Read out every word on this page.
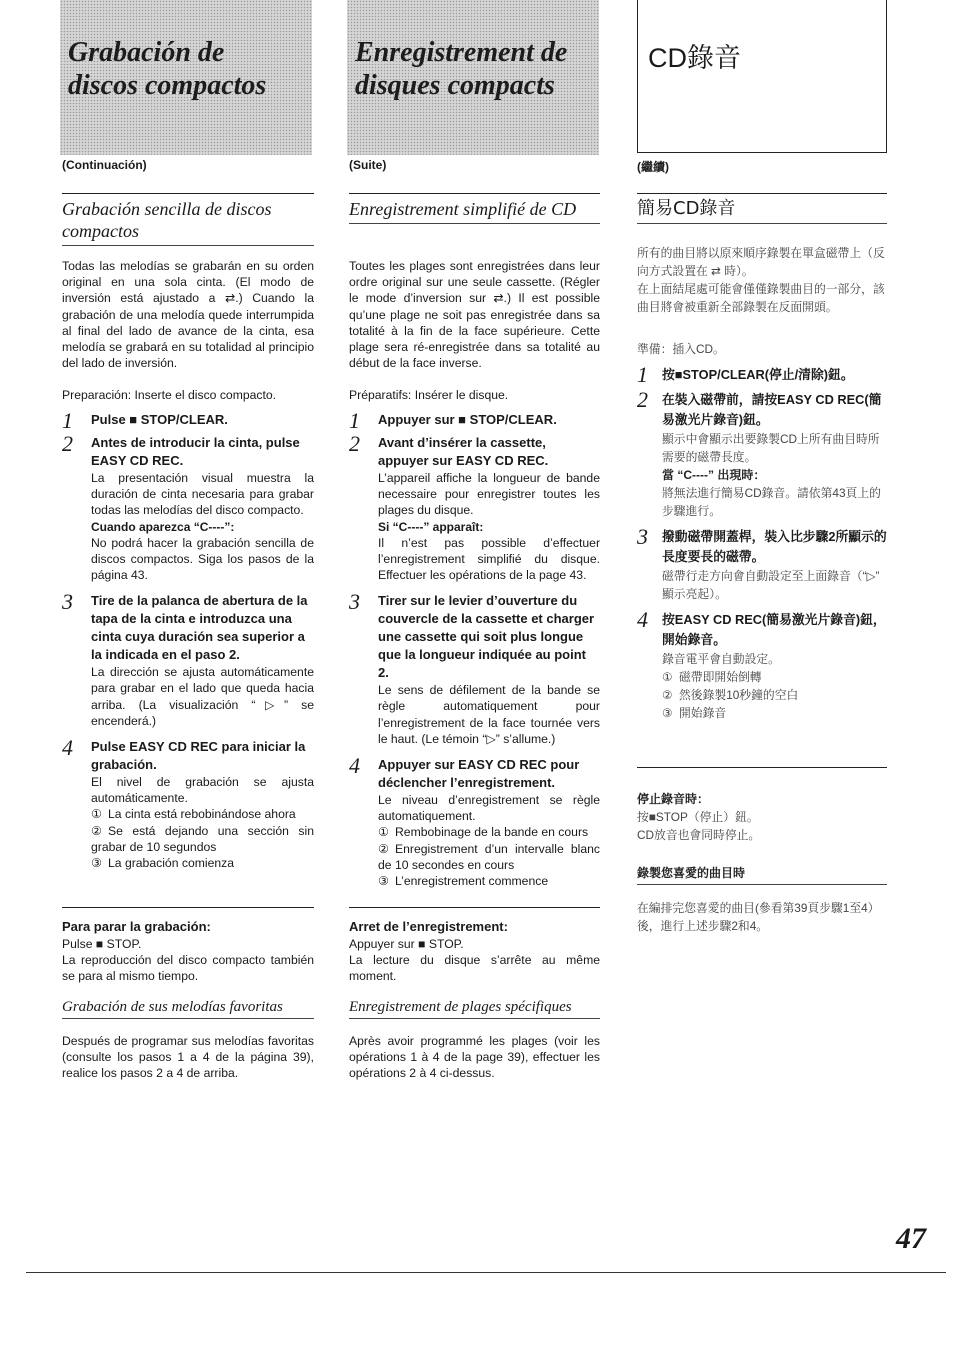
Grabación de
discos compactos
(Continuación)
Grabación sencilla de discos compactos

Todas las melodías se grabarán en su orden original en una sola cinta. (El modo de inversión está ajustado a ⇄.) Cuando la grabación de una melodía quede interrumpida al final del lado de avance de la cinta, esa melodía se grabará en su totalidad al principio del lado de inversión.

Preparación: Inserte el disco compacto.

1 Pulse ■ STOP/CLEAR.
2 Antes de introducir la cinta, pulse EASY CD REC.
La presentación visual muestra la duración de cinta necesaria para grabar todas las melodías del disco compacto.
Cuando aparezca “C----”:
No podrá hacer la grabación sencilla de discos compactos. Siga los pasos de la página 43.
3 Tire de la palanca de abertura de la tapa de la cinta e introduzca una cinta cuya duración sea superior a la indicada en el paso 2.
La dirección se ajusta automáticamente para grabar en el lado que queda hacia arriba. (La visualización “▷” se encenderá.)
4 Pulse EASY CD REC para iniciar la grabación.
El nivel de grabación se ajusta automáticamente.
① La cinta está rebobinándose ahora
② Se está dejando una sección sin grabar de 10 segundos
③ La grabación comienza
Para parar la grabación:

Pulse ■ STOP.

La reproducción del disco compacto también se para al mismo tiempo.

Grabación de sus melodías favoritas

Después de programar sus melodías favoritas (consulte los pasos 1 a 4 de la página 39), realice los pasos 2 a 4 de arriba.

Enregistrement de
disques compacts
(Suite)
Enregistrement simplifié de CD

Toutes les plages sont enregistrées dans leur ordre original sur une seule cassette. (Régler le mode d’inversion sur ⇄.) Il est possible qu’une plage ne soit pas enregistrée dans sa totalité à la fin de la face supérieure. Cette plage sera ré-enregistrée dans sa totalité au début de la face inverse.

Préparatifs: Insérer le disque.

1 Appuyer sur ■ STOP/CLEAR.
2 Avant d’insérer la cassette, appuyer sur EASY CD REC.
L’appareil affiche la longueur de bande necessaire pour enregistrer toutes les plages du disque.
Si “C----” apparaît:
Il n’est pas possible d’effectuer l’enregistrement simplifié du disque. Effectuer les opérations de la page 43.
3 Tirer sur le levier d’ouverture du couvercle de la cassette et charger une cassette qui soit plus longue que la longueur indiquée au point 2.
Le sens de défilement de la bande se règle automatiquement pour l’enregistrement de la face tournée vers le haut. (Le témoin “▷” s’allume.)
4 Appuyer sur EASY CD REC pour déclencher l’enregistrement.
Le niveau d’enregistrement se règle automatiquement.
① Rembobinage de la bande en cours
② Enregistrement d’un intervalle blanc de 10 secondes en cours
③ L’enregistrement commence
Arret de l’enregistrement:

Appuyer sur ■ STOP.

La lecture du disque s’arrête au même moment.

Enregistrement de plages spécifiques

Après avoir programmé les plages (voir les opérations 1 à 4 de la page 39), effectuer les opérations 2 à 4 ci-dessus.

CD錄音
(繼續)
簡易CD錄音

所有的曲目將以原來順序錄製在單盒磁帶上（反向方式設置在 ⇄ 時）。

在上面結尾處可能會僅僅錄製曲目的一部分，該曲目將會被重新全部錄製在反面開頭。

準備：插入CD。

1 按■STOP/CLEAR(停止/清除)鈕。
2 在裝入磁帶前，請按EASY CD REC(簡易激光片錄音)鈕。
顯示中會顯示出要錄製CD上所有曲目時所需要的磁帶長度。
當 “C----” 出現時：
將無法進行簡易CD錄音。請依第43頁上的步驟進行。
3 撥動磁帶開蓋桿，裝入比步驟2所顯示的長度要長的磁帶。
磁帶行走方向會自動設定至上面錄音（“▷” 顯示亮起）。
4 按EASY CD REC(簡易激光片錄音)鈕，開始錄音。
錄音電平會自動設定。
① 磁帶即開始倒轉
② 然後錄製10秒鐘的空白
③ 開始錄音
停止錄音時：

按■STOP（停止）鈕。

CD放音也會同時停止。

錄製您喜愛的曲目時

在編排完您喜愛的曲目(參看第39頁步驟1至4）後，進行上述步驟2和4。

47
